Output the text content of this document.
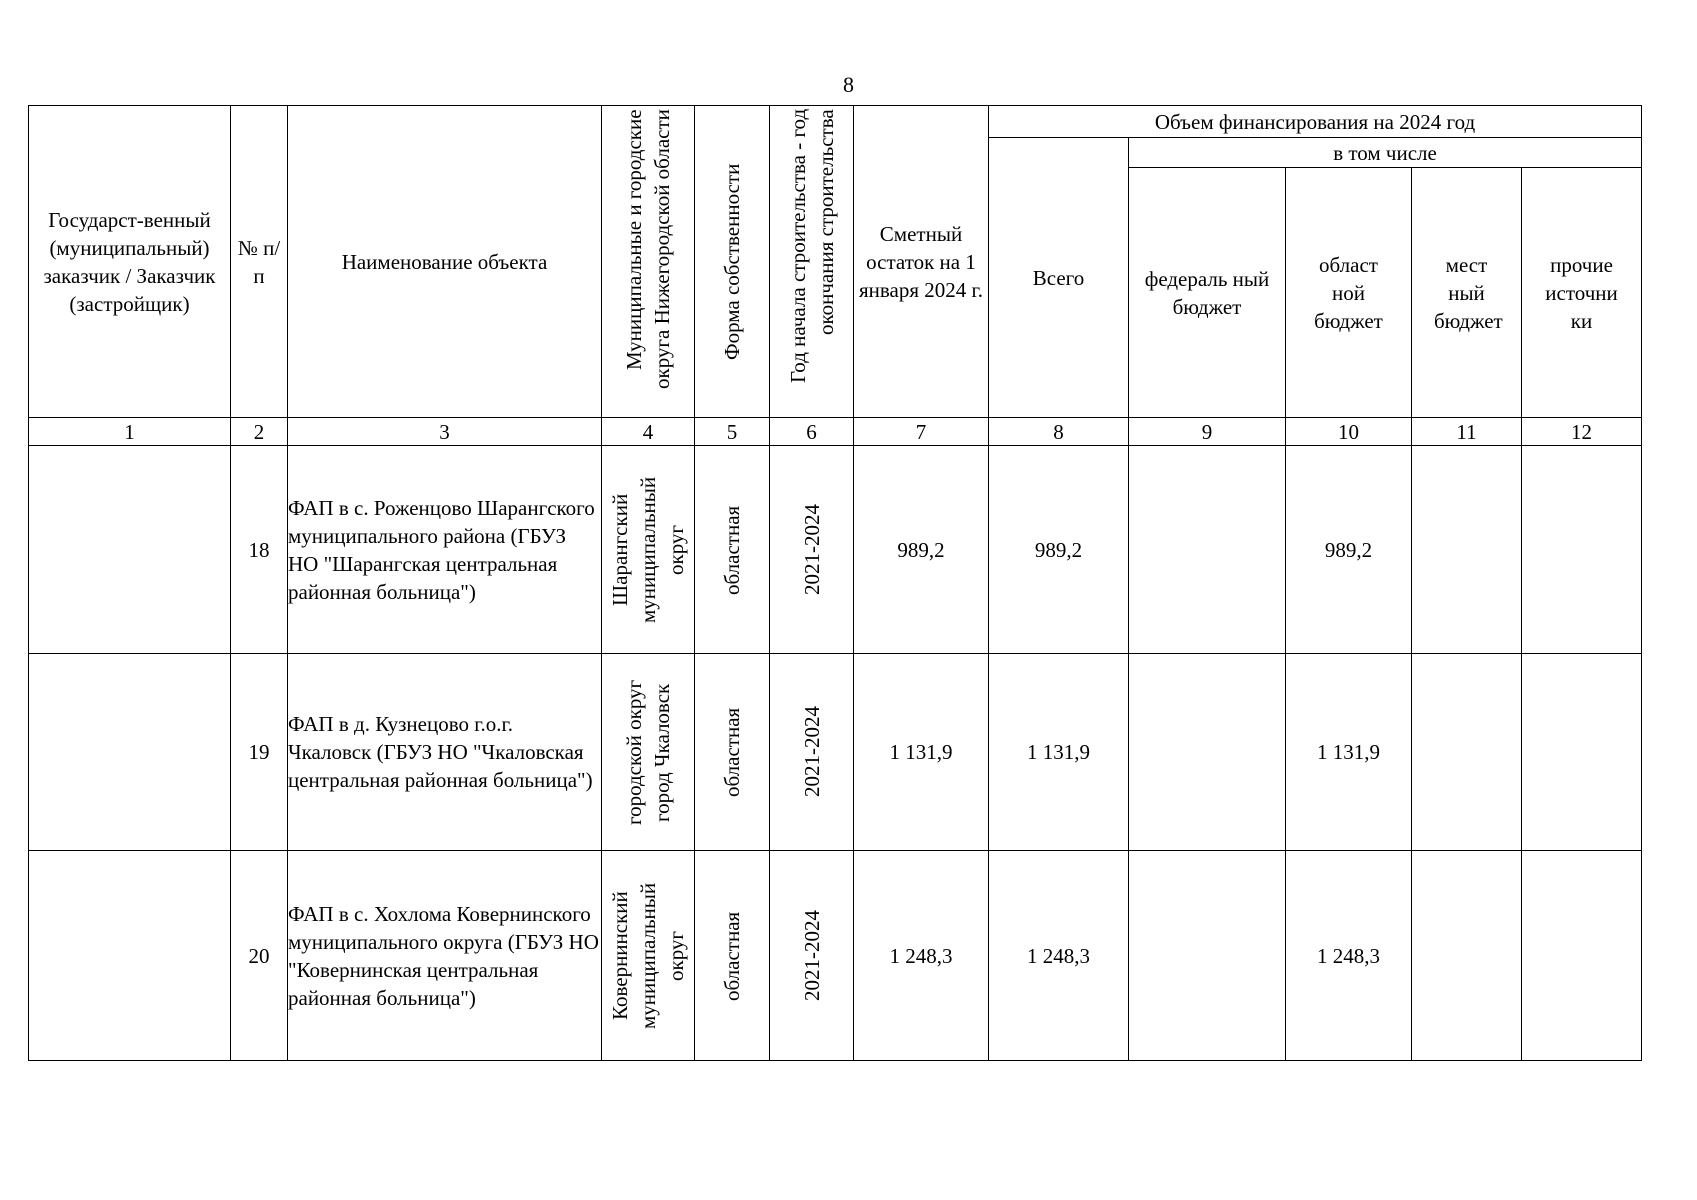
8
Государст-венный (муниципальный) заказчик / Заказчик (застройщик)	№ п/п	Наименование объекта	Муниципальные и городские округа Нижегородской области	Форма собственности	Год начала строительства - год окончания строительства	Сметный остаток на 1 января 2024 г.	Объем финансирования на 2024 год				

							Всего	в том числе			

								федераль ный бюджет	област ной бюджет	мест ный бюджет	прочие источни ки

1	2	3	4	5	6	7	8	9	10	11	12
	18	ФАП в с. Роженцово Шарангского муниципального района (ГБУЗ НО "Шарангская центральная районная больница")	Шарангский муниципальный округ	областная	2021-2024	989,2	989,2		989,2		
	19	ФАП в д. Кузнецово г.о.г. Чкаловск (ГБУЗ НО "Чкаловская центральная районная больница")	городской округ город Чкаловск	областная	2021-2024	1 131,9	1 131,9		1 131,9		
	20	ФАП в с. Хохлома Ковернинского муниципального округа (ГБУЗ НО "Ковернинская центральная районная больница")	Ковернинский муниципальный округ	областная	2021-2024	1 248,3	1 248,3		1 248,3		
